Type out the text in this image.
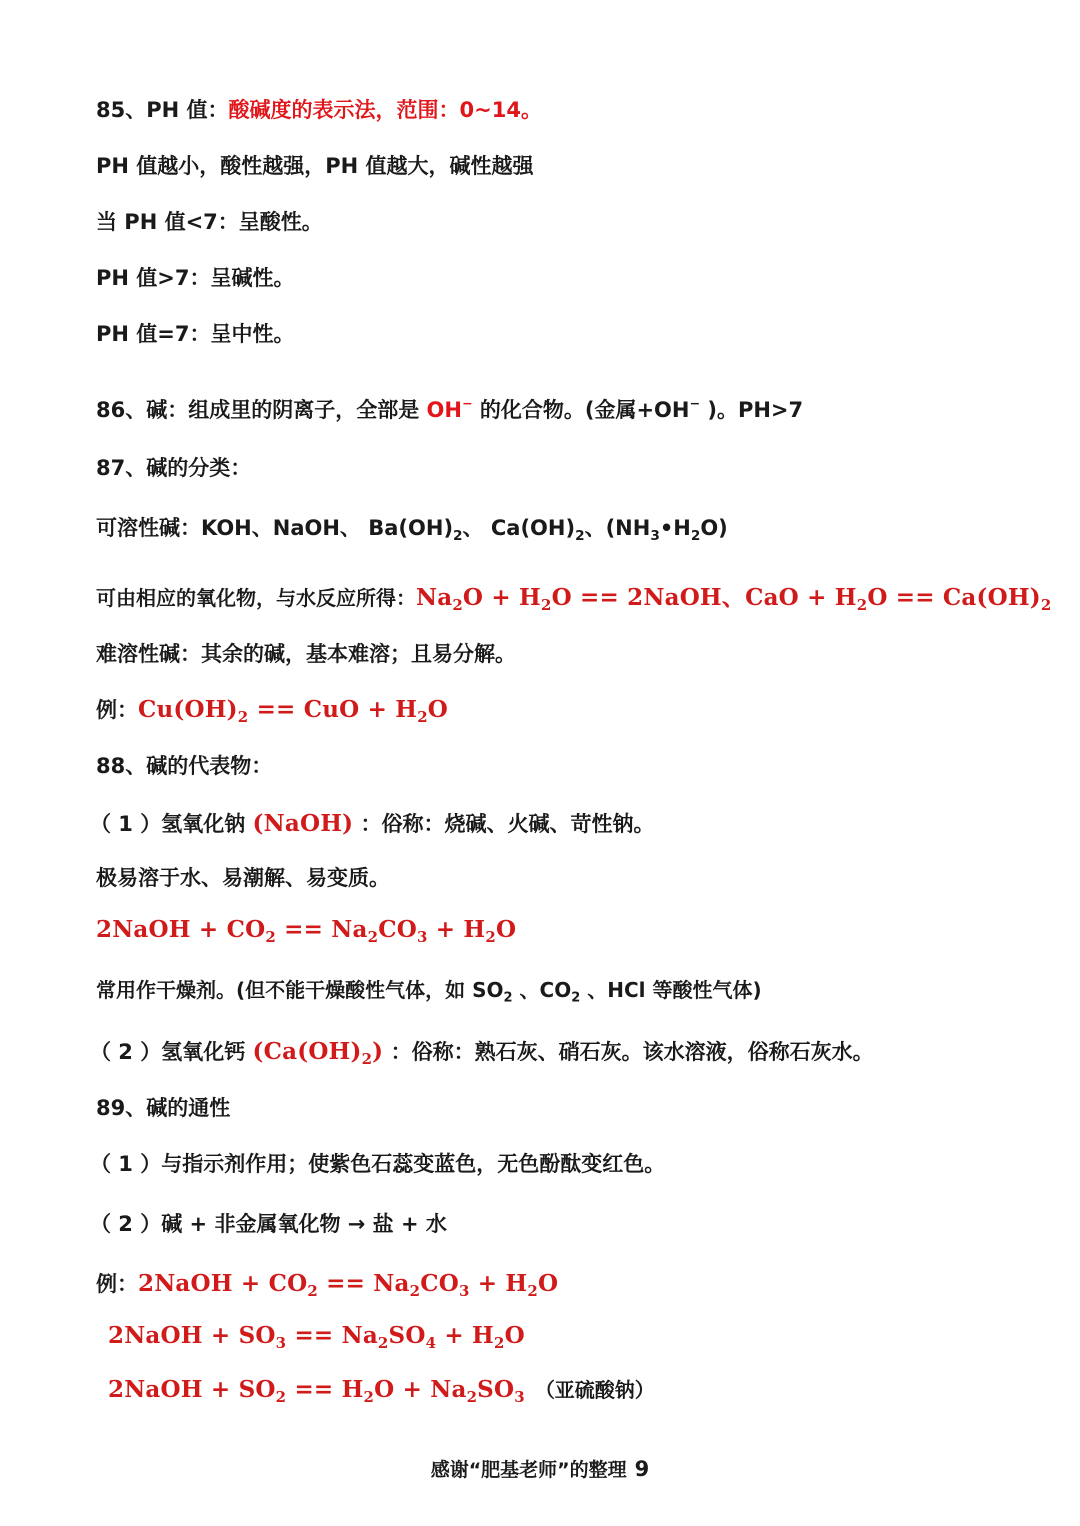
85、PH 值：酸碱度的表示法，范围：0~14。
PH 值越小，酸性越强，PH 值越大，碱性越强
当 PH 值<7：呈酸性。
PH 值>7：呈碱性。
PH 值=7：呈中性。
86、碱：组成里的阴离子，全部是 OH− 的化合物。(金属+OH− )。PH>7
87、碱的分类：
可溶性碱：KOH、NaOH、 $Ba(OH)_2$、 $Ca(OH)_2$、$(NH_3•H_2O)$
可由相应的氧化物，与水反应所得：$Na_2O + H_2O$ == 2NaOH、CaO + $H_2O == Ca(OH)_2$
难溶性碱：其余的碱，基本难溶；且易分解。
例：$Cu(OH)_2$ == CuO + $H_2O$
88、碱的代表物：
（ 1 ）氢氧化钠 (NaOH) ：俗称：烧碱、火碱、苛性钠。
极易溶于水、易潮解、易变质。
2NaOH + $CO_2 == Na_2CO_3 + H_2O$
常用作干燥剂。(但不能干燥酸性气体，如 $SO_2$ 、$CO_2$ 、HCl 等酸性气体)
（ 2 ）氢氧化钙 $(Ca(OH)_2)$ ：俗称：熟石灰、硝石灰。该水溶液，俗称石灰水。
89、碱的通性
（ 1 ）与指示剂作用；使紫色石蕊变蓝色，无色酚酞变红色。
（ 2 ）碱 + 非金属氧化物 → 盐 + 水
例：2NaOH + $CO_2 == Na_2CO_3 + H_2O$
2NaOH + $SO_3 == Na_2SO_4 + H_2O$
2NaOH + $SO_2 == H_2O + Na_2SO_3$ （亚硫酸钠）
感谢“肥基老师”的整理 9
